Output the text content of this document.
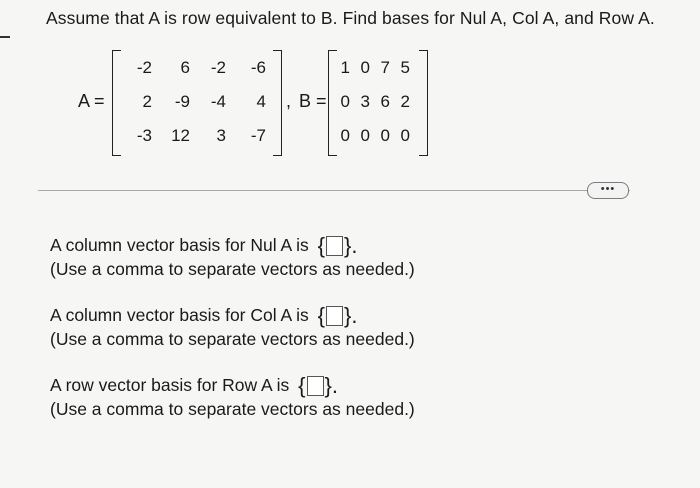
Assume that A is row equivalent to B. Find bases for Nul A, Col A, and Row A.
A =
-2	6	-2	-6
2	-9	-4	4
-3	12	3	-7
, B =
1 0 7 5
0 3 6 2
0 0 0 0
•••
A column vector basis for Nul A is { }.
(Use a comma to separate vectors as needed.)
A column vector basis for Col A is { }.
(Use a comma to separate vectors as needed.)
A row vector basis for Row A is { }.
(Use a comma to separate vectors as needed.)
